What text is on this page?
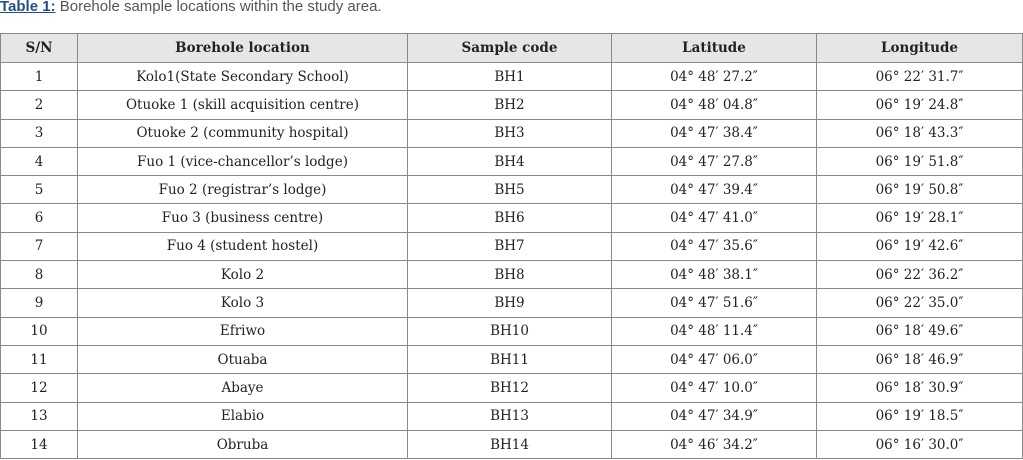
Table 1: Borehole sample locations within the study area.
S/N	Borehole location	Sample code	Latitude	Longitude
1	Kolo1(State Secondary School)	BH1	04° 48′ 27.2″	06° 22′ 31.7″
2	Otuoke 1 (skill acquisition centre)	BH2	04° 48′ 04.8″	06° 19′ 24.8″
3	Otuoke 2 (community hospital)	BH3	04° 47′ 38.4″	06° 18′ 43.3″
4	Fuo 1 (vice-chancellor’s lodge)	BH4	04° 47′ 27.8″	06° 19′ 51.8″
5	Fuo 2 (registrar’s lodge)	BH5	04° 47′ 39.4″	06° 19′ 50.8″
6	Fuo 3 (business centre)	BH6	04° 47′ 41.0″	06° 19′ 28.1″
7	Fuo 4 (student hostel)	BH7	04° 47′ 35.6″	06° 19′ 42.6″
8	Kolo 2	BH8	04° 48′ 38.1″	06° 22′ 36.2″
9	Kolo 3	BH9	04° 47′ 51.6″	06° 22′ 35.0″
10	Efriwo	BH10	04° 48′ 11.4″	06° 18′ 49.6″
11	Otuaba	BH11	04° 47′ 06.0″	06° 18′ 46.9″
12	Abaye	BH12	04° 47′ 10.0″	06° 18′ 30.9″
13	Elabio	BH13	04° 47′ 34.9″	06° 19′ 18.5″
14	Obruba	BH14	04° 46′ 34.2″	06° 16′ 30.0″
